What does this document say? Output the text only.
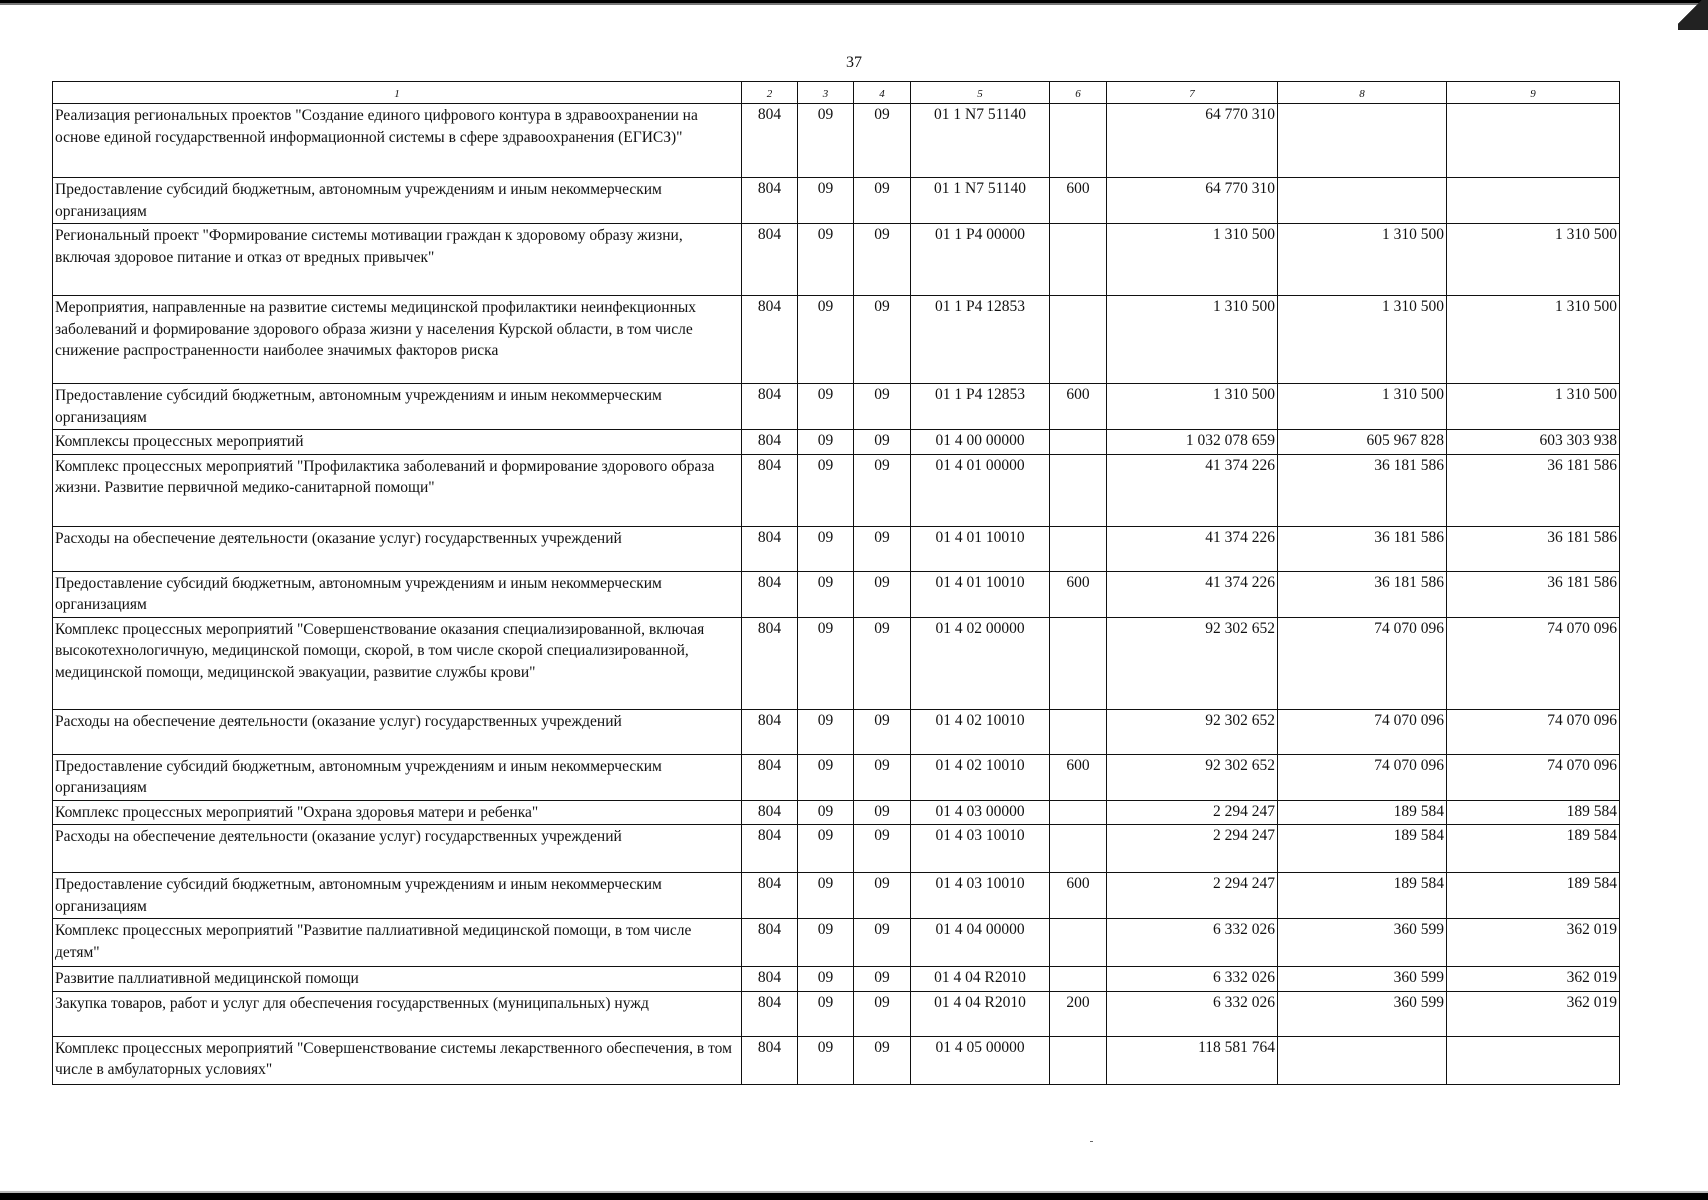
37
1	2	3	4	5	6	7	8	9
Реализация региональных проектов "Создание единого цифрового контура в здравоохранении на основе единой государственной информационной системы в сфере здравоохранения (ЕГИСЗ)"	804	09	09	01 1 N7 51140		64 770 310		
Предоставление субсидий бюджетным, автономным учреждениям и иным некоммерческим организациям	804	09	09	01 1 N7 51140	600	64 770 310		
Региональный проект "Формирование системы мотивации граждан к здоровому образу жизни, включая здоровое питание и отказ от вредных привычек"	804	09	09	01 1 P4 00000		1 310 500	1 310 500	1 310 500
Мероприятия, направленные на развитие системы медицинской профилактики неинфекционных заболеваний и формирование здорового образа жизни у населения Курской области, в том числе снижение распространенности наиболее значимых факторов риска	804	09	09	01 1 P4 12853		1 310 500	1 310 500	1 310 500
Предоставление субсидий бюджетным, автономным учреждениям и иным некоммерческим организациям	804	09	09	01 1 P4 12853	600	1 310 500	1 310 500	1 310 500
Комплексы процессных мероприятий	804	09	09	01 4 00 00000		1 032 078 659	605 967 828	603 303 938
Комплекс процессных мероприятий "Профилактика заболеваний и формирование здорового образа жизни. Развитие первичной медико-санитарной помощи"	804	09	09	01 4 01 00000		41 374 226	36 181 586	36 181 586
Расходы на обеспечение деятельности (оказание услуг) государственных учреждений	804	09	09	01 4 01 10010		41 374 226	36 181 586	36 181 586
Предоставление субсидий бюджетным, автономным учреждениям и иным некоммерческим организациям	804	09	09	01 4 01 10010	600	41 374 226	36 181 586	36 181 586
Комплекс процессных мероприятий "Совершенствование оказания специализированной, включая высокотехнологичную, медицинской помощи, скорой, в том числе скорой специализированной, медицинской помощи, медицинской эвакуации, развитие службы крови"	804	09	09	01 4 02 00000		92 302 652	74 070 096	74 070 096
Расходы на обеспечение деятельности (оказание услуг) государственных учреждений	804	09	09	01 4 02 10010		92 302 652	74 070 096	74 070 096
Предоставление субсидий бюджетным, автономным учреждениям и иным некоммерческим организациям	804	09	09	01 4 02 10010	600	92 302 652	74 070 096	74 070 096
Комплекс процессных мероприятий "Охрана здоровья матери и ребенка"	804	09	09	01 4 03 00000		2 294 247	189 584	189 584
Расходы на обеспечение деятельности (оказание услуг) государственных учреждений	804	09	09	01 4 03 10010		2 294 247	189 584	189 584
Предоставление субсидий бюджетным, автономным учреждениям и иным некоммерческим организациям	804	09	09	01 4 03 10010	600	2 294 247	189 584	189 584
Комплекс процессных мероприятий "Развитие паллиативной медицинской помощи, в том числе детям"	804	09	09	01 4 04 00000		6 332 026	360 599	362 019
Развитие паллиативной медицинской помощи	804	09	09	01 4 04 R2010		6 332 026	360 599	362 019
Закупка товаров, работ и услуг для обеспечения государственных (муниципальных) нужд	804	09	09	01 4 04 R2010	200	6 332 026	360 599	362 019
Комплекс процессных мероприятий "Совершенствование системы лекарственного обеспечения, в том числе в амбулаторных условиях"	804	09	09	01 4 05 00000		118 581 764		
